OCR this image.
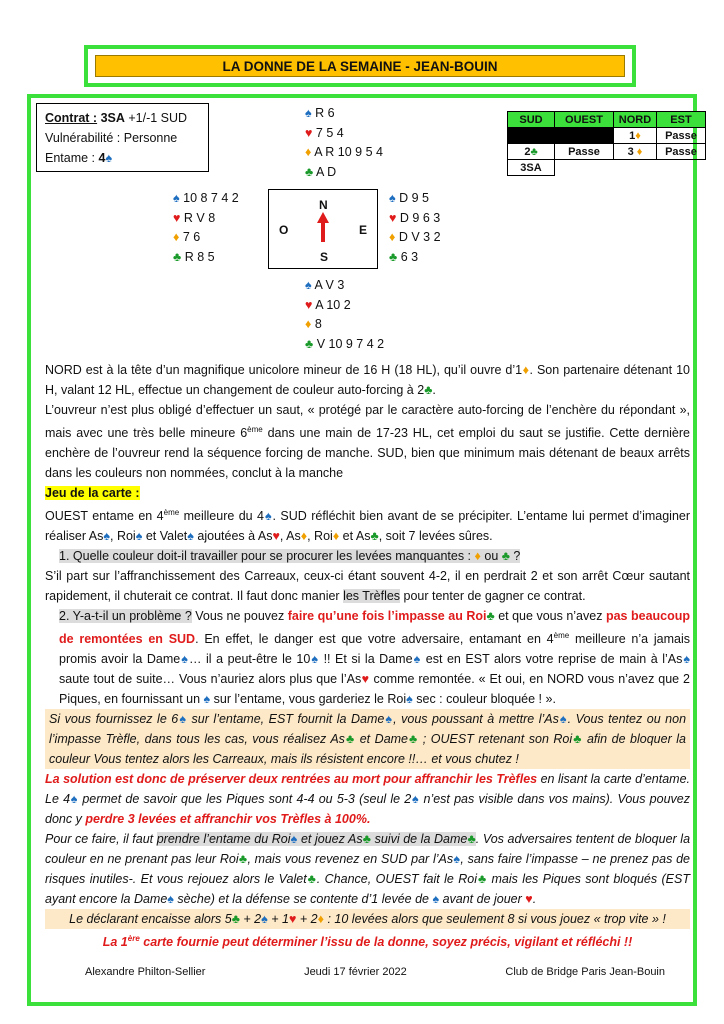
LA DONNE DE LA SEMAINE - JEAN-BOUIN
Contrat : 3SA +1/-1 SUD
Vulnérabilité : Personne
Entame : 4♠
♠ R 6
♥ 7 5 4
♦ A R 10 9 5 4
♣ A D
♠ 10 8 7 4 2
♥ R V 8
♦ 7 6
♣ R 8 5
♠ D 9 5
♥ D 9 6 3
♦ D V 3 2
♣ 6 3
♠ A V 3
♥ A 10 2
♦ 8
♣ V 10 9 7 4 2
N
S
E
O
SUD	OUEST	NORD	EST
		1♦	Passe
2♣	Passe	3 ♦	Passe
3SA			

NORD est à la tête d’un magnifique unicolore mineur de 16 H (18 HL), qu’il ouvre d’1♦. Son partenaire détenant 10 H, valant 12 HL, effectue un changement de couleur auto-forcing à 2♣.

L’ouvreur n’est plus obligé d’effectuer un saut, « protégé par le caractère auto-forcing de l’enchère du répondant », mais avec une très belle mineure 6ème dans une main de 17-23 HL, cet emploi du saut se justifie. Cette dernière enchère de l’ouvreur rend la séquence forcing de manche. SUD, bien que minimum mais détenant de beaux arrêts dans les couleurs non nommées, conclut à la manche

Jeu de la carte :

OUEST entame en 4ème meilleure du 4♠. SUD réfléchit bien avant de se précipiter. L’entame lui permet d’imaginer réaliser As♠, Roi♠ et Valet♠ ajoutées à As♥, As♦, Roi♦ et As♣, soit 7 levées sûres.

1. Quelle couleur doit-il travailler pour se procurer les levées manquantes : ♦ ou ♣ ?

S’il part sur l’affranchissement des Carreaux, ceux-ci étant souvent 4-2, il en perdrait 2 et son arrêt Cœur sautant rapidement, il chuterait ce contrat. Il faut donc manier les Trèfles pour tenter de gagner ce contrat.

2. Y-a-t-il un problème ? Vous ne pouvez faire qu’une fois l’impasse au Roi♣ et que vous n’avez pas beaucoup de remontées en SUD. En effet, le danger est que votre adversaire, entamant en 4ème meilleure n’a jamais promis avoir la Dame♠… il a peut-être le 10♠ !! Et si la Dame♠ est en EST alors votre reprise de main à l’As♠ saute tout de suite… Vous n’auriez alors plus que l’As♥ comme remontée. « Et oui, en NORD vous n’avez que 2 Piques, en fournissant un ♠ sur l’entame, vous garderiez le Roi♠ sec : couleur bloquée ! ».

Si vous fournissez le 6♠ sur l’entame, EST fournit la Dame♠, vous poussant à mettre l’As♠. Vous tentez ou non l’impasse Trèfle, dans tous les cas, vous réalisez As♣ et Dame♣ ; OUEST retenant son Roi♣ afin de bloquer la couleur Vous tentez alors les Carreaux, mais ils résistent encore !!… et vous chutez !

La solution est donc de préserver deux rentrées au mort pour affranchir les Trèfles en lisant la carte d’entame. Le 4♠ permet de savoir que les Piques sont 4-4 ou 5-3 (seul le 2♠ n’est pas visible dans vos mains). Vous pouvez donc y perdre 3 levées et affranchir vos Trèfles à 100%.

Pour ce faire, il faut prendre l’entame du Roi♠ et jouez As♣ suivi de la Dame♣. Vos adversaires tentent de bloquer la couleur en ne prenant pas leur Roi♣, mais vous revenez en SUD par l’As♠, sans faire l’impasse – ne prenez pas de risques inutiles-. Et vous rejouez alors le Valet♣. Chance, OUEST fait le Roi♣ mais les Piques sont bloqués (EST ayant encore la Dame♠ sèche) et la défense se contente d’1 levée de ♠ avant de jouer ♥.

Le déclarant encaisse alors 5♣ + 2♠ + 1♥ + 2♦ : 10 levées alors que seulement 8 si vous jouez « trop vite » !

La 1ère carte fournie peut déterminer l’issu de la donne, soyez précis, vigilant et réfléchi !!

Alexandre Philton-Sellier	Jeudi 17 février 2022	Club de Bridge Paris Jean-Bouin
